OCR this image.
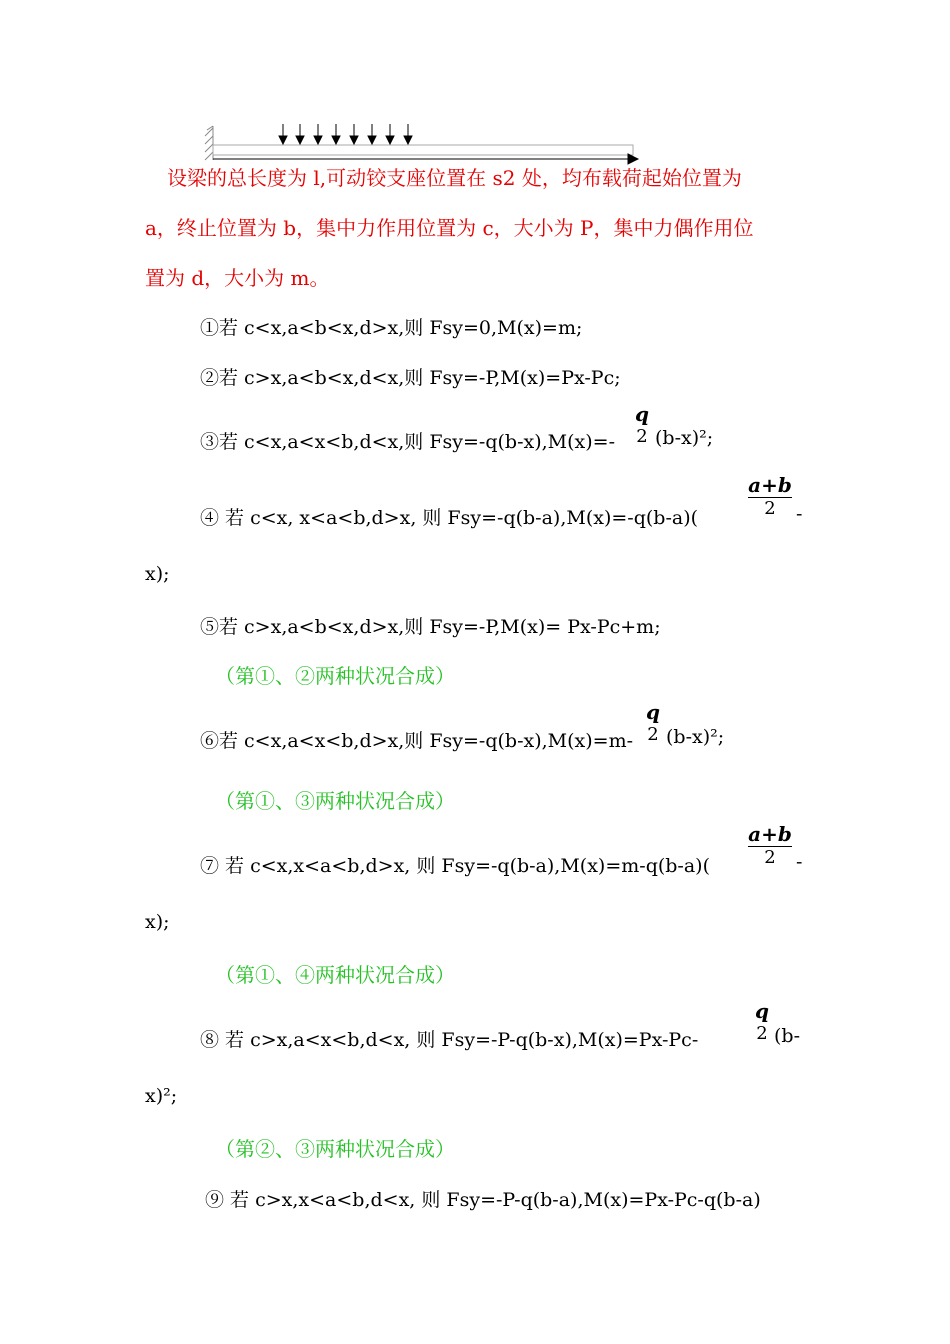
设梁的总长度为 l,可动铰支座位置在 s2 处，均布载荷起始位置为
a，终止位置为 b，集中力作用位置为 c，大小为 P，集中力偶作用位
置为 d，大小为 m。
①若 c<x,a<b<x,d>x,则 Fsy=0,M(x)=m;
②若 c>x,a<b<x,d<x,则 Fsy=-P,M(x)=Px-Pc;
③若 c<x,a<x<b,d<x,则 Fsy=-q(b-x),M(x)=-
q
2 (b-x)²;
④ 若 c<x, x<a<b,d>x, 则 Fsy=-q(b-a),M(x)=-q(b-a)(
a+b
2	-
x);
⑤若 c>x,a<b<x,d>x,则 Fsy=-P,M(x)= Px-Pc+m;
（第①、②两种状况合成）
⑥若 c<x,a<x<b,d>x,则 Fsy=-q(b-x),M(x)=m-
q
2 (b-x)²;
（第①、③两种状况合成）
⑦ 若 c<x,x<a<b,d>x, 则 Fsy=-q(b-a),M(x)=m-q(b-a)(
a+b
2	-
x);
（第①、④两种状况合成）
⑧ 若 c>x,a<x<b,d<x, 则 Fsy=-P-q(b-x),M(x)=Px-Pc-
q
2 (b-
x)²;
（第②、③两种状况合成）
⑨ 若 c>x,x<a<b,d<x, 则 Fsy=-P-q(b-a),M(x)=Px-Pc-q(b-a)
